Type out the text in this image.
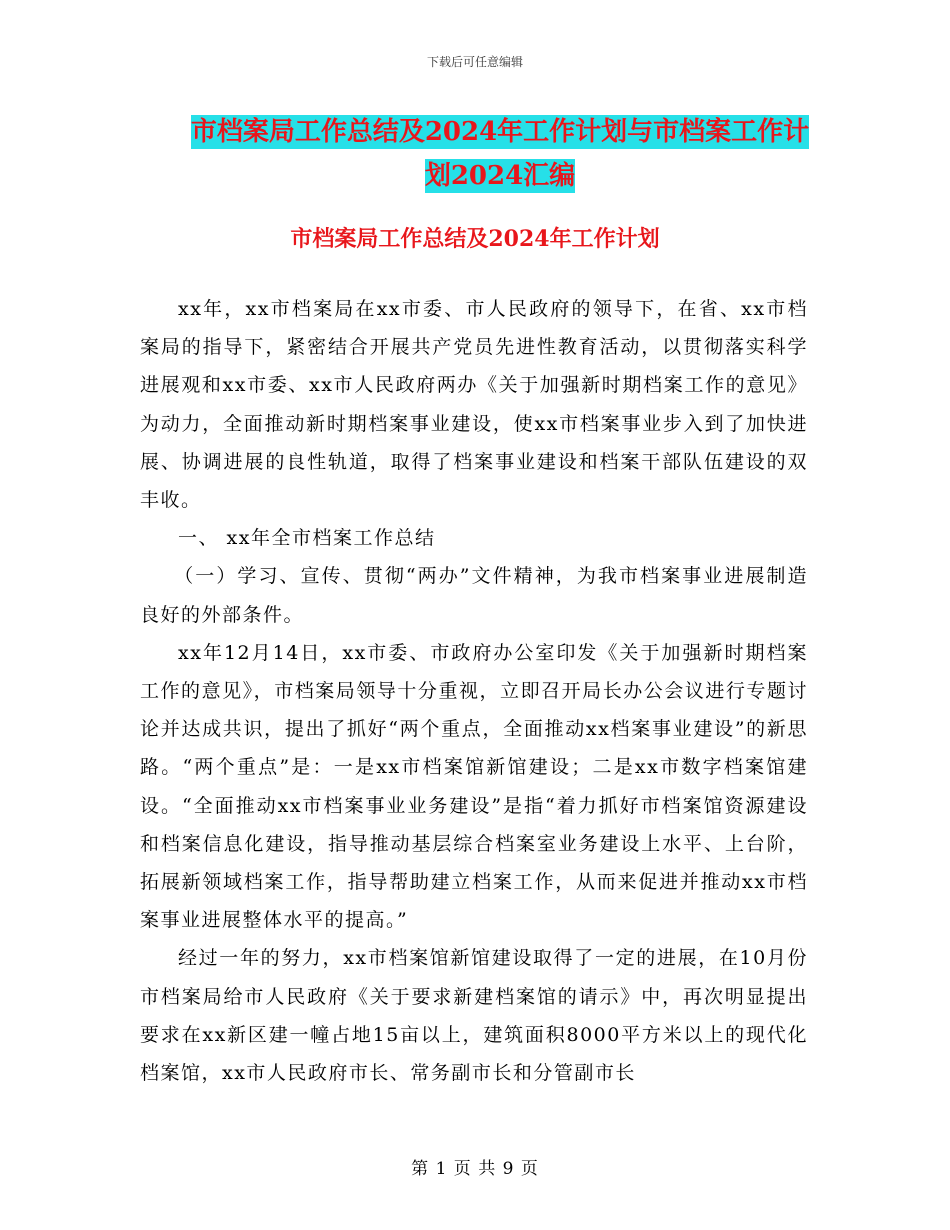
下载后可任意编辑
市档案局工作总结及2024年工作计划与市档案工作计划2024汇编
市档案局工作总结及2024年工作计划

xx年，xx市档案局在xx市委、市人民政府的领导下，在省、xx市档案局的指导下，紧密结合开展共产党员先进性教育活动，以贯彻落实科学进展观和xx市委、xx市人民政府两办《关于加强新时期档案工作的意见》为动力，全面推动新时期档案事业建设，使xx市档案事业步入到了加快进展、协调进展的良性轨道，取得了档案事业建设和档案干部队伍建设的双丰收。

一、 xx年全市档案工作总结

（一）学习、宣传、贯彻“两办”文件精神，为我市档案事业进展制造良好的外部条件。

xx年12月14日，xx市委、市政府办公室印发《关于加强新时期档案工作的意见》，市档案局领导十分重视，立即召开局长办公会议进行专题讨论并达成共识，提出了抓好“两个重点，全面推动xx档案事业建设”的新思路。“两个重点”是：一是xx市档案馆新馆建设；二是xx市数字档案馆建设。“全面推动xx市档案事业业务建设”是指“着力抓好市档案馆资源建设和档案信息化建设，指导推动基层综合档案室业务建设上水平、上台阶，拓展新领域档案工作，指导帮助建立档案工作，从而来促进并推动xx市档案事业进展整体水平的提高。”

经过一年的努力，xx市档案馆新馆建设取得了一定的进展，在10月份市档案局给市人民政府《关于要求新建档案馆的请示》中，再次明显提出要求在xx新区建一幢占地15亩以上，建筑面积8000平方米以上的现代化档案馆，xx市人民政府市长、常务副市长和分管副市长

第 1 页 共 9 页
